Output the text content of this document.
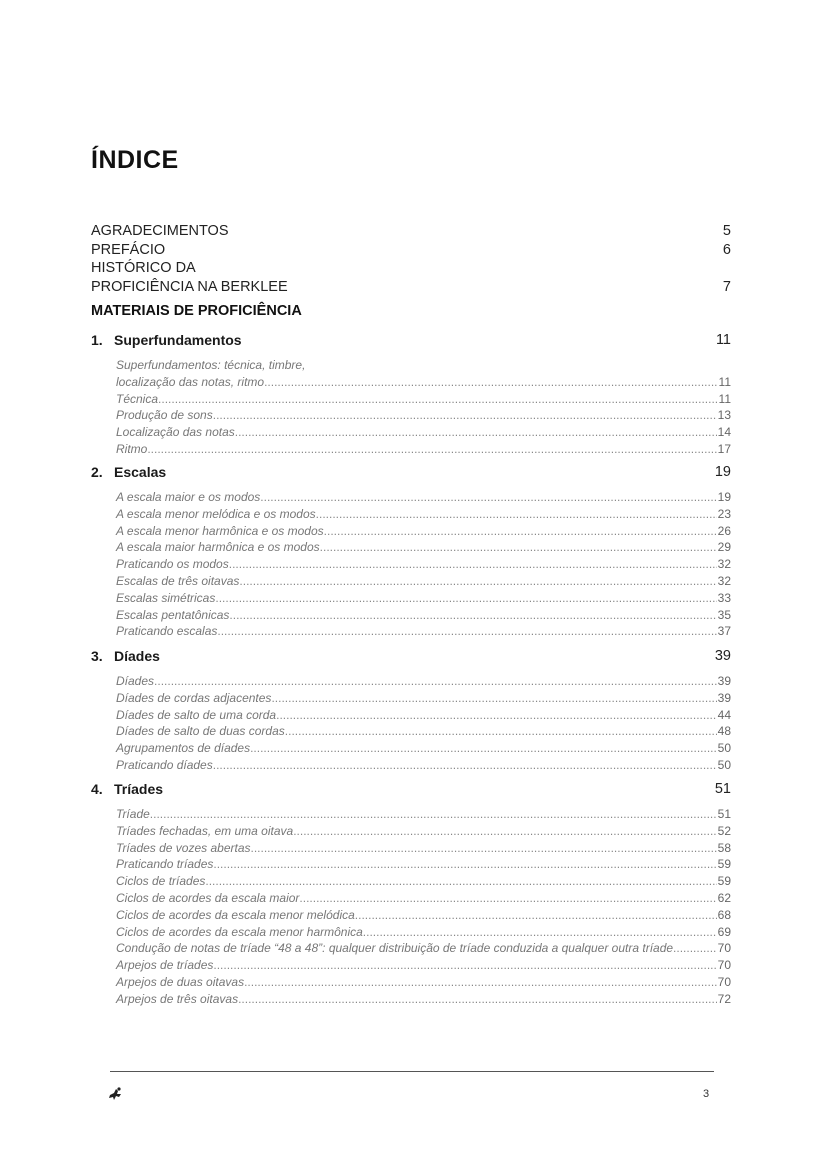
ÍNDICE
AGRADECIMENTOS	5
PREFÁCIO	6
HISTÓRICO DA
PROFICIÊNCIA NA BERKLEE	7
MATERIAIS DE PROFICIÊNCIA
1. Superfundamentos	11
Superfundamentos: técnica, timbre,
localização das notas, ritmo .....	11
Técnica .....	11
Produção de sons .....	13
Localização das notas .....	14
Ritmo .....	17
2. Escalas	19
A escala maior e os modos .....	19
A escala menor melódica e os modos .....	23
A escala menor harmônica e os modos .....	26
A escala maior harmônica e os modos .....	29
Praticando os modos .....	32
Escalas de três oitavas .....	32
Escalas simétricas .....	33
Escalas pentatônicas .....	35
Praticando escalas .....	37
3. Díades	39
Díades .....	39
Díades de cordas adjacentes .....	39
Díades de salto de uma corda .....	44
Díades de salto de duas cordas .....	48
Agrupamentos de díades .....	50
Praticando díades .....	50
4. Tríades	51
Tríade .....	51
Tríades fechadas, em uma oitava .....	52
Tríades de vozes abertas .....	58
Praticando tríades .....	59
Ciclos de tríades .....	59
Ciclos de acordes da escala maior .....	62
Ciclos de acordes da escala menor melódica .....	68
Ciclos de acordes da escala menor harmônica .....	69
Condução de notas de tríade “48 a 48”: qualquer distribuição de tríade conduzida a qualquer outra tríade .....	70
Arpejos de tríades .....	70
Arpejos de duas oitavas .....	70
Arpejos de três oitavas .....	72
3
